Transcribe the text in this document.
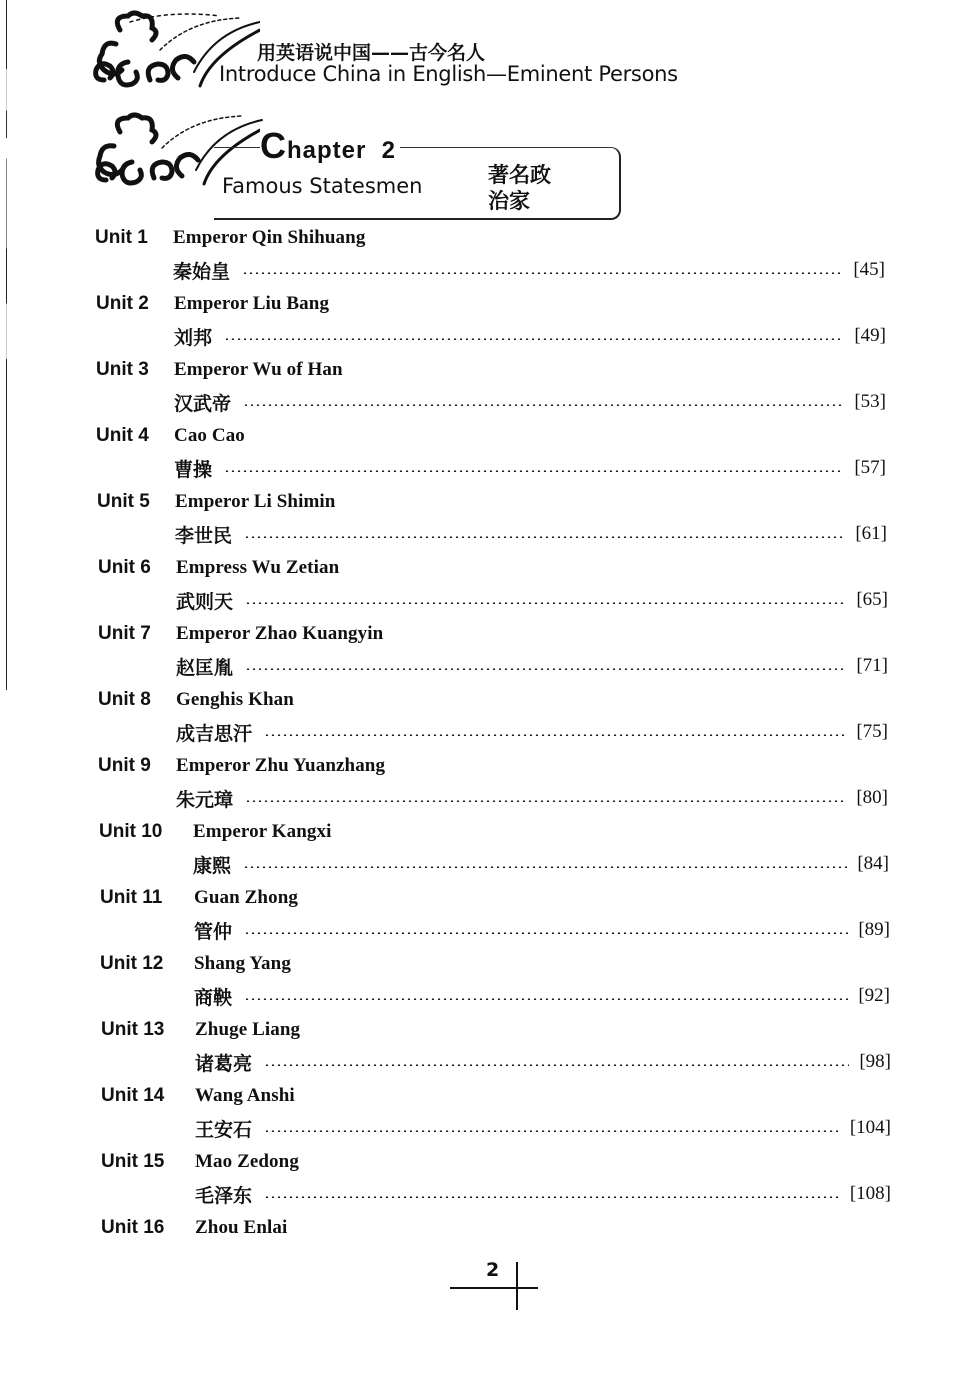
用英语说中国——古今名人
Introduce China in English—Eminent Persons
Chapter  2
Famous Statesmen	著名政
治家
Unit 1	Emperor Qin Shihuang
秦始皇	[45]
Unit 2	Emperor Liu Bang
刘邦	[49]
Unit 3	Emperor Wu of Han
汉武帝	[53]
Unit 4	Cao Cao
曹操	[57]
Unit 5	Emperor Li Shimin
李世民	[61]
Unit 6	Empress Wu Zetian
武则天	[65]
Unit 7	Emperor Zhao Kuangyin
赵匡胤	[71]
Unit 8	Genghis Khan
成吉思汗	[75]
Unit 9	Emperor Zhu Yuanzhang
朱元璋	[80]
Unit 10	Emperor Kangxi
康熙	[84]
Unit 11	Guan Zhong
管仲	[89]
Unit 12	Shang Yang
商鞅	[92]
Unit 13	Zhuge Liang
诸葛亮	[98]
Unit 14	Wang Anshi
王安石	[104]
Unit 15	Mao Zedong
毛泽东	[108]
Unit 16	Zhou Enlai
2
